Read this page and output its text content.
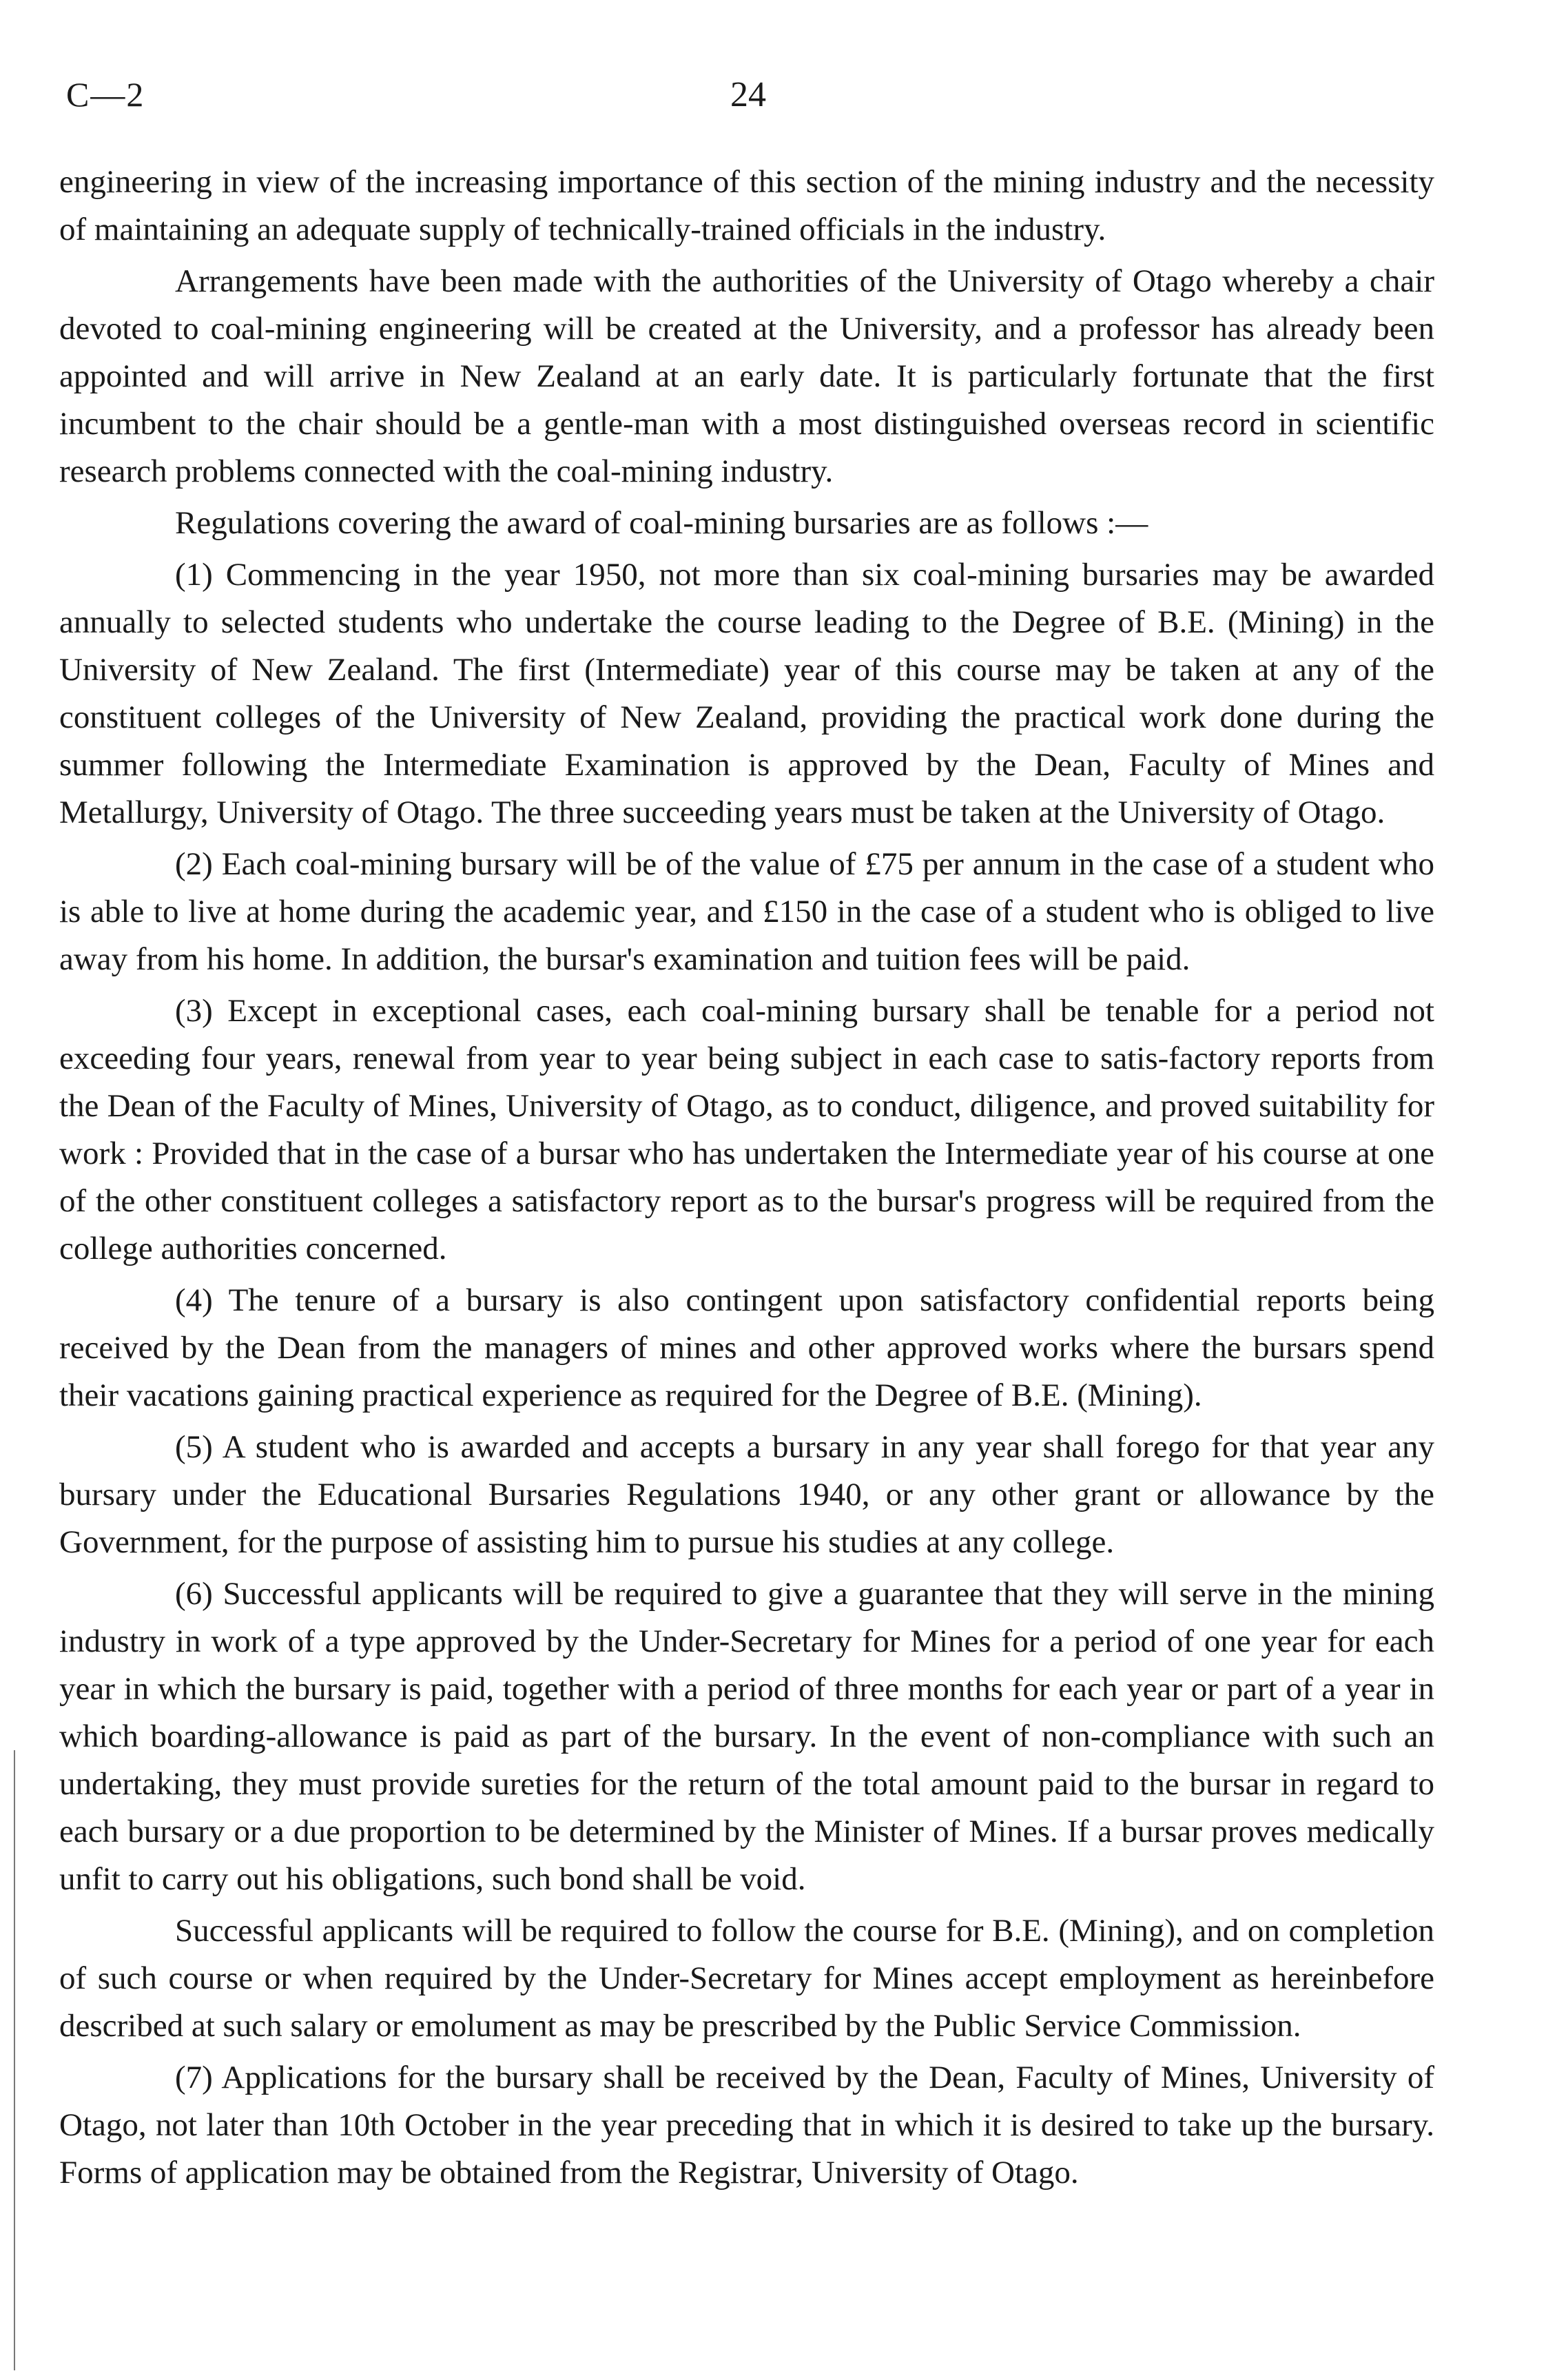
C—2	24

engineering in view of the increasing importance of this section of the mining industry and the necessity of maintaining an adequate supply of technically-trained officials in the industry.

Arrangements have been made with the authorities of the University of Otago whereby a chair devoted to coal-mining engineering will be created at the University, and a professor has already been appointed and will arrive in New Zealand at an early date. It is particularly fortunate that the first incumbent to the chair should be a gentle-man with a most distinguished overseas record in scientific research problems connected with the coal-mining industry.

Regulations covering the award of coal-mining bursaries are as follows :—

(1) Commencing in the year 1950, not more than six coal-mining bursaries may be awarded annually to selected students who undertake the course leading to the Degree of B.E. (Mining) in the University of New Zealand. The first (Intermediate) year of this course may be taken at any of the constituent colleges of the University of New Zealand, providing the practical work done during the summer following the Intermediate Examination is approved by the Dean, Faculty of Mines and Metallurgy, University of Otago. The three succeeding years must be taken at the University of Otago.

(2) Each coal-mining bursary will be of the value of £75 per annum in the case of a student who is able to live at home during the academic year, and £150 in the case of a student who is obliged to live away from his home. In addition, the bursar's examination and tuition fees will be paid.

(3) Except in exceptional cases, each coal-mining bursary shall be tenable for a period not exceeding four years, renewal from year to year being subject in each case to satis-factory reports from the Dean of the Faculty of Mines, University of Otago, as to conduct, diligence, and proved suitability for work : Provided that in the case of a bursar who has undertaken the Intermediate year of his course at one of the other constituent colleges a satisfactory report as to the bursar's progress will be required from the college authorities concerned.

(4) The tenure of a bursary is also contingent upon satisfactory confidential reports being received by the Dean from the managers of mines and other approved works where the bursars spend their vacations gaining practical experience as required for the Degree of B.E. (Mining).

(5) A student who is awarded and accepts a bursary in any year shall forego for that year any bursary under the Educational Bursaries Regulations 1940, or any other grant or allowance by the Government, for the purpose of assisting him to pursue his studies at any college.

(6) Successful applicants will be required to give a guarantee that they will serve in the mining industry in work of a type approved by the Under-Secretary for Mines for a period of one year for each year in which the bursary is paid, together with a period of three months for each year or part of a year in which boarding-allowance is paid as part of the bursary. In the event of non-compliance with such an undertaking, they must provide sureties for the return of the total amount paid to the bursar in regard to each bursary or a due proportion to be determined by the Minister of Mines. If a bursar proves medically unfit to carry out his obligations, such bond shall be void.

Successful applicants will be required to follow the course for B.E. (Mining), and on completion of such course or when required by the Under-Secretary for Mines accept employment as hereinbefore described at such salary or emolument as may be prescribed by the Public Service Commission.

(7) Applications for the bursary shall be received by the Dean, Faculty of Mines, University of Otago, not later than 10th October in the year preceding that in which it is desired to take up the bursary. Forms of application may be obtained from the Registrar, University of Otago.
